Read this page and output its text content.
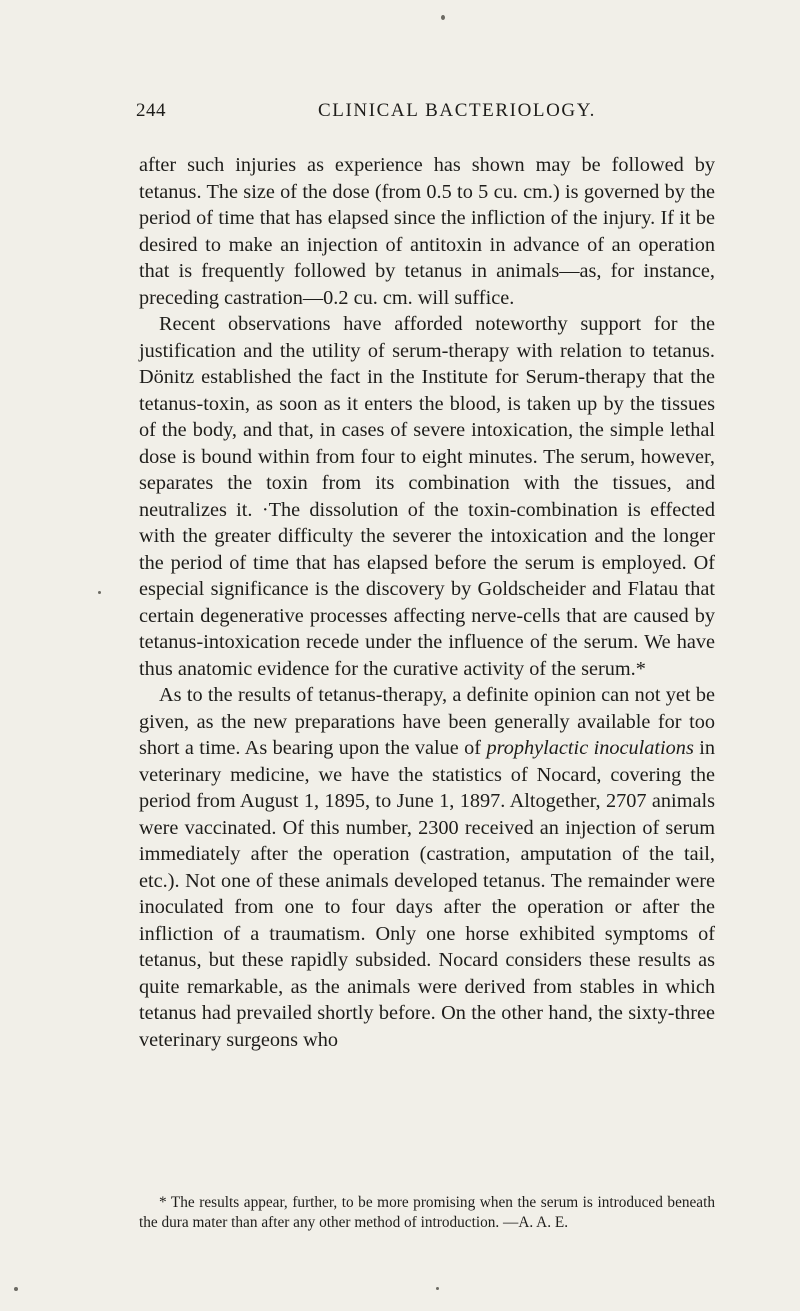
244	CLINICAL BACTERIOLOGY.

after such injuries as experience has shown may be followed by tetanus. The size of the dose (from 0.5 to 5 cu. cm.) is governed by the period of time that has elapsed since the infliction of the injury. If it be desired to make an injection of antitoxin in advance of an operation that is frequently followed by tetanus in animals—as, for instance, preceding castration—0.2 cu. cm. will suffice.

Recent observations have afforded noteworthy support for the justification and the utility of serum-therapy with relation to tetanus. Dönitz established the fact in the Institute for Serum-therapy that the tetanus-toxin, as soon as it enters the blood, is taken up by the tissues of the body, and that, in cases of severe intoxication, the simple lethal dose is bound within from four to eight minutes. The serum, however, separates the toxin from its combination with the tissues, and neutralizes it. ·The dissolution of the toxin-combination is effected with the greater difficulty the severer the intoxication and the longer the period of time that has elapsed before the serum is employed. Of especial significance is the discovery by Goldscheider and Flatau that certain degenerative processes affecting nerve-cells that are caused by tetanus-intoxication recede under the influence of the serum. We have thus anatomic evidence for the curative activity of the serum.*

As to the results of tetanus-therapy, a definite opinion can not yet be given, as the new preparations have been generally available for too short a time. As bearing upon the value of prophylactic inoculations in veterinary medicine, we have the statistics of Nocard, covering the period from August 1, 1895, to June 1, 1897. Altogether, 2707 animals were vaccinated. Of this number, 2300 received an injection of serum immediately after the operation (castration, amputation of the tail, etc.). Not one of these animals developed tetanus. The remainder were inoculated from one to four days after the operation or after the infliction of a traumatism. Only one horse exhibited symptoms of tetanus, but these rapidly subsided. Nocard considers these results as quite remarkable, as the animals were derived from stables in which tetanus had prevailed shortly before. On the other hand, the sixty-three veterinary surgeons who

* The results appear, further, to be more promising when the serum is introduced beneath the dura mater than after any other method of introduction. —A. A. E.
